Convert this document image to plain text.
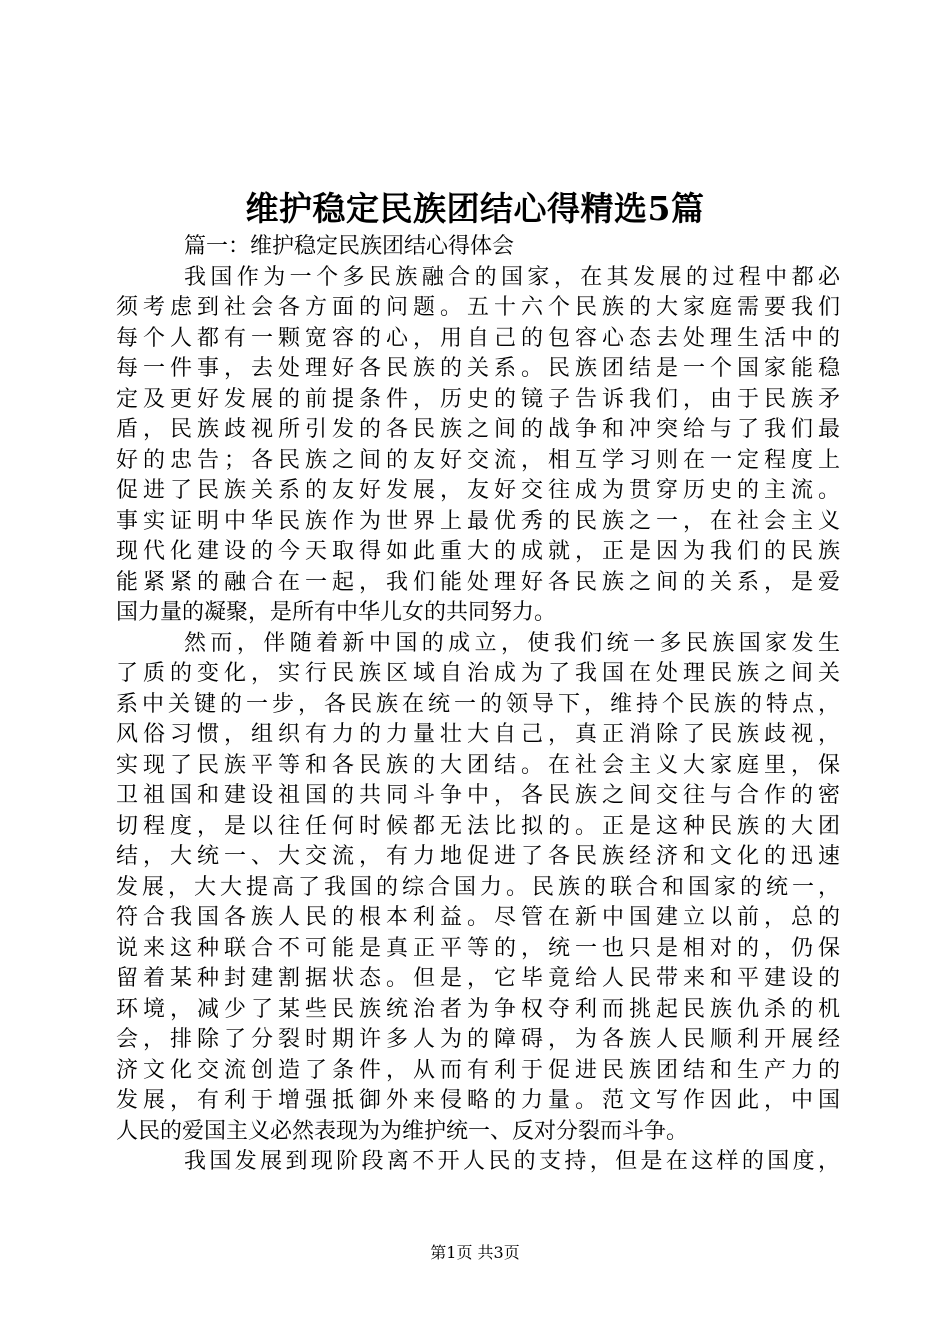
维护稳定民族团结心得精选5篇
篇一：维护稳定民族团结心得体会
我国作为一个多民族融合的国家，在其发展的过程中都必
须考虑到社会各方面的问题。五十六个民族的大家庭需要我们
每个人都有一颗宽容的心，用自己的包容心态去处理生活中的
每一件事，去处理好各民族的关系。民族团结是一个国家能稳
定及更好发展的前提条件，历史的镜子告诉我们，由于民族矛
盾，民族歧视所引发的各民族之间的战争和冲突给与了我们最
好的忠告；各民族之间的友好交流，相互学习则在一定程度上
促进了民族关系的友好发展，友好交往成为贯穿历史的主流。
事实证明中华民族作为世界上最优秀的民族之一，在社会主义
现代化建设的今天取得如此重大的成就，正是因为我们的民族
能紧紧的融合在一起，我们能处理好各民族之间的关系，是爱
国力量的凝聚，是所有中华儿女的共同努力。
然而，伴随着新中国的成立，使我们统一多民族国家发生
了质的变化，实行民族区域自治成为了我国在处理民族之间关
系中关键的一步，各民族在统一的领导下，维持个民族的特点，
风俗习惯，组织有力的力量壮大自己，真正消除了民族歧视，
实现了民族平等和各民族的大团结。在社会主义大家庭里，保
卫祖国和建设祖国的共同斗争中，各民族之间交往与合作的密
切程度，是以往任何时候都无法比拟的。正是这种民族的大团
结，大统一、大交流，有力地促进了各民族经济和文化的迅速
发展，大大提高了我国的综合国力。民族的联合和国家的统一，
符合我国各族人民的根本利益。尽管在新中国建立以前，总的
说来这种联合不可能是真正平等的，统一也只是相对的，仍保
留着某种封建割据状态。但是，它毕竟给人民带来和平建设的
环境，减少了某些民族统治者为争权夺利而挑起民族仇杀的机
会，排除了分裂时期许多人为的障碍，为各族人民顺利开展经
济文化交流创造了条件，从而有利于促进民族团结和生产力的
发展，有利于增强抵御外来侵略的力量。范文写作因此，中国
人民的爱国主义必然表现为为维护统一、反对分裂而斗争。
我国发展到现阶段离不开人民的支持，但是在这样的国度，
第1页 共3页
